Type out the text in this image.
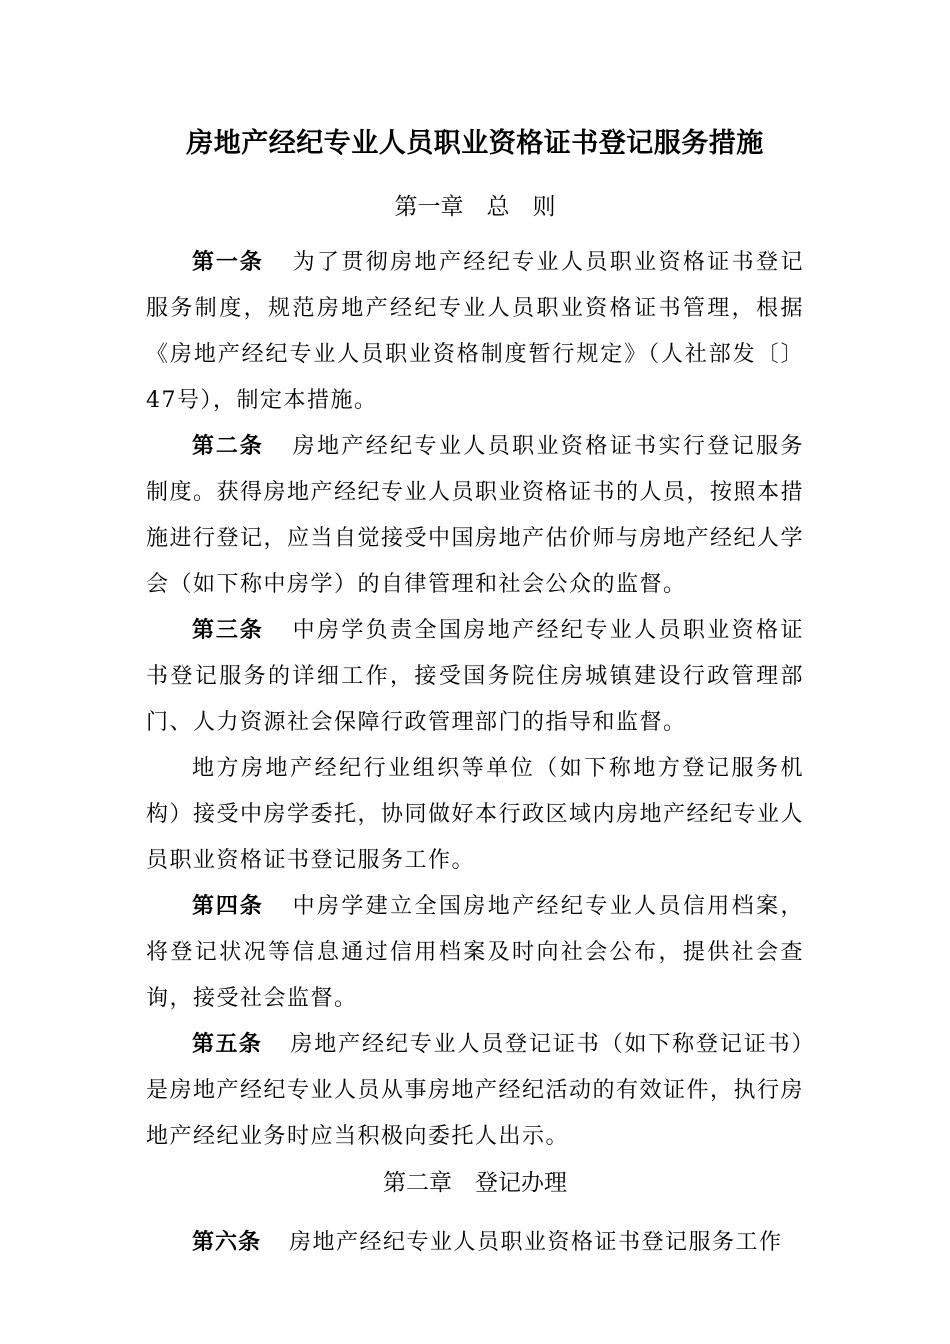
房地产经纪专业人员职业资格证书登记服务措施
第一章　总　则

第一条 为了贯彻房地产经纪专业人员职业资格证书登记服务制度，规范房地产经纪专业人员职业资格证书管理，根据《房地产经纪专业人员职业资格制度暂行规定》（人社部发〔〕47号），制定本措施。

第二条 房地产经纪专业人员职业资格证书实行登记服务制度。获得房地产经纪专业人员职业资格证书的人员，按照本措施进行登记，应当自觉接受中国房地产估价师与房地产经纪人学会（如下称中房学）的自律管理和社会公众的监督。

第三条 中房学负责全国房地产经纪专业人员职业资格证书登记服务的详细工作，接受国务院住房城镇建设行政管理部门、人力资源社会保障行政管理部门的指导和监督。

地方房地产经纪行业组织等单位（如下称地方登记服务机构）接受中房学委托，协同做好本行政区域内房地产经纪专业人员职业资格证书登记服务工作。

第四条 中房学建立全国房地产经纪专业人员信用档案，将登记状况等信息通过信用档案及时向社会公布，提供社会查询，接受社会监督。

第五条 房地产经纪专业人员登记证书（如下称登记证书）是房地产经纪专业人员从事房地产经纪活动的有效证件，执行房地产经纪业务时应当积极向委托人出示。

第二章　登记办理

第六条 房地产经纪专业人员职业资格证书登记服务工作
